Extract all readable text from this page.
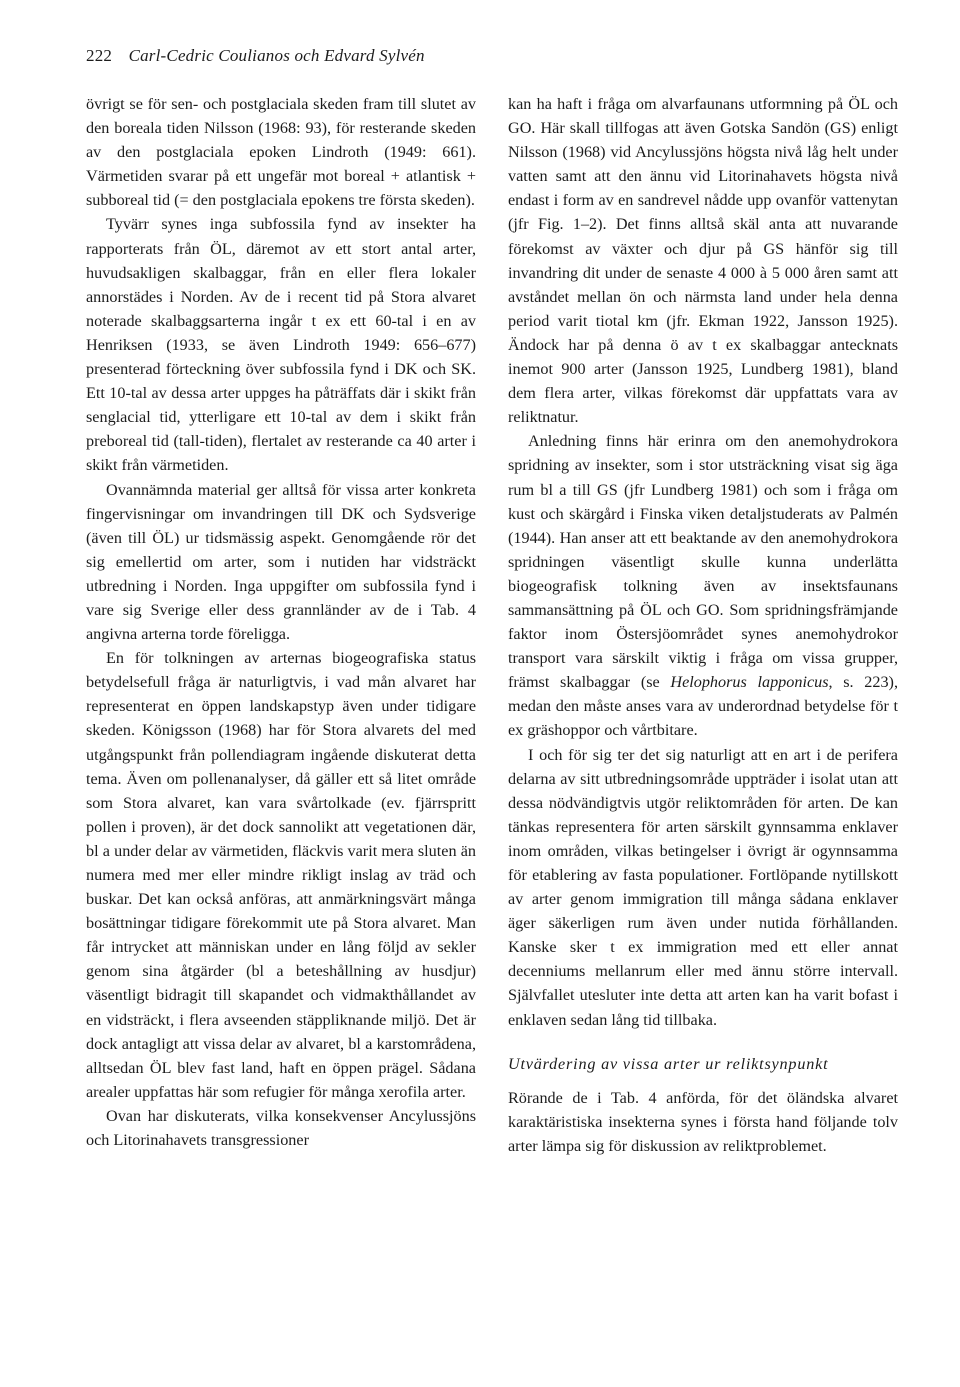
222 Carl-Cedric Coulianos och Edvard Sylvén

övrigt se för sen- och postglaciala skeden fram till slutet av den boreala tiden Nilsson (1968: 93), för resterande skeden av den postglaciala epoken Lindroth (1949: 661). Värmetiden svarar på ett ungefär mot boreal + atlantisk + subboreal tid (= den postglaciala epokens tre första skeden).

Tyvärr synes inga subfossila fynd av insekter ha rapporterats från ÖL, däremot av ett stort antal arter, huvudsakligen skalbaggar, från en eller flera lokaler annorstädes i Norden. Av de i recent tid på Stora alvaret noterade skalbaggsarterna ingår t ex ett 60-tal i en av Henriksen (1933, se även Lindroth 1949: 656–677) presenterad förteckning över subfossila fynd i DK och SK. Ett 10-tal av dessa arter uppges ha påträffats där i skikt från senglacial tid, ytterligare ett 10-tal av dem i skikt från preboreal tid (tall-tiden), flertalet av resterande ca 40 arter i skikt från värmetiden.

Ovannämnda material ger alltså för vissa arter konkreta fingervisningar om invandringen till DK och Sydsverige (även till ÖL) ur tidsmässig aspekt. Genomgående rör det sig emellertid om arter, som i nutiden har vidsträckt utbredning i Norden. Inga uppgifter om subfossila fynd i vare sig Sverige eller dess grannländer av de i Tab. 4 angivna arterna torde föreligga.

En för tolkningen av arternas biogeografiska status betydelsefull fråga är naturligtvis, i vad mån alvaret har representerat en öppen landskapstyp även under tidigare skeden. Königsson (1968) har för Stora alvarets del med utgångspunkt från pollendiagram ingående diskuterat detta tema. Även om pollenanalyser, då gäller ett så litet område som Stora alvaret, kan vara svårtolkade (ev. fjärrspritt pollen i proven), är det dock sannolikt att vegetationen där, bl a under delar av värmetiden, fläckvis varit mera sluten än numera med mer eller mindre rikligt inslag av träd och buskar. Det kan också anföras, att anmärkningsvärt många bosättningar tidigare förekommit ute på Stora alvaret. Man får intrycket att människan under en lång följd av sekler genom sina åtgärder (bl a beteshållning av husdjur) väsentligt bidragit till skapandet och vidmakthållandet av en vidsträckt, i flera avseenden stäppliknande miljö. Det är dock antagligt att vissa delar av alvaret, bl a karstområdena, alltsedan ÖL blev fast land, haft en öppen prägel. Sådana arealer uppfattas här som refugier för många xerofila arter.

Ovan har diskuterats, vilka konsekvenser Ancylussjöns och Litorinahavets transgressioner

kan ha haft i fråga om alvarfaunans utformning på ÖL och GO. Här skall tillfogas att även Gotska Sandön (GS) enligt Nilsson (1968) vid Ancylussjöns högsta nivå låg helt under vatten samt att den ännu vid Litorinahavets högsta nivå endast i form av en sandrevel nådde upp ovanför vattenytan (jfr Fig. 1–2). Det finns alltså skäl anta att nuvarande förekomst av växter och djur på GS hänför sig till invandring dit under de senaste 4 000 à 5 000 åren samt att avståndet mellan ön och närmsta land under hela denna period varit tiotal km (jfr. Ekman 1922, Jansson 1925). Ändock har på denna ö av t ex skalbaggar antecknats inemot 900 arter (Jansson 1925, Lundberg 1981), bland dem flera arter, vilkas förekomst där uppfattats vara av reliktnatur.

Anledning finns här erinra om den anemohydrokora spridning av insekter, som i stor utsträckning visat sig äga rum bl a till GS (jfr Lundberg 1981) och som i fråga om kust och skärgård i Finska viken detaljstuderats av Palmén (1944). Han anser att ett beaktande av den anemohydrokora spridningen väsentligt skulle kunna underlätta biogeografisk tolkning även av insektsfaunans sammansättning på ÖL och GO. Som spridningsfrämjande faktor inom Östersjöområdet synes anemohydrokor transport vara särskilt viktig i fråga om vissa grupper, främst skalbaggar (se Helophorus lapponicus, s. 223), medan den måste anses vara av underordnad betydelse för t ex gräshoppor och vårtbitare.

I och för sig ter det sig naturligt att en art i de perifera delarna av sitt utbredningsområde uppträder i isolat utan att dessa nödvändigtvis utgör reliktområden för arten. De kan tänkas representera för arten särskilt gynnsamma enklaver inom områden, vilkas betingelser i övrigt är ogynnsamma för etablering av fasta populationer. Fortlöpande nytillskott av arter genom immigration till många sådana enklaver äger säkerligen rum även under nutida förhållanden. Kanske sker t ex immigration med ett eller annat decenniums mellanrum eller med ännu större intervall. Självfallet utesluter inte detta att arten kan ha varit bofast i enklaven sedan lång tid tillbaka.

Utvärdering av vissa arter ur reliktsynpunkt

Rörande de i Tab. 4 anförda, för det öländska alvaret karaktäristiska insekterna synes i första hand följande tolv arter lämpa sig för diskussion av reliktproblemet.
